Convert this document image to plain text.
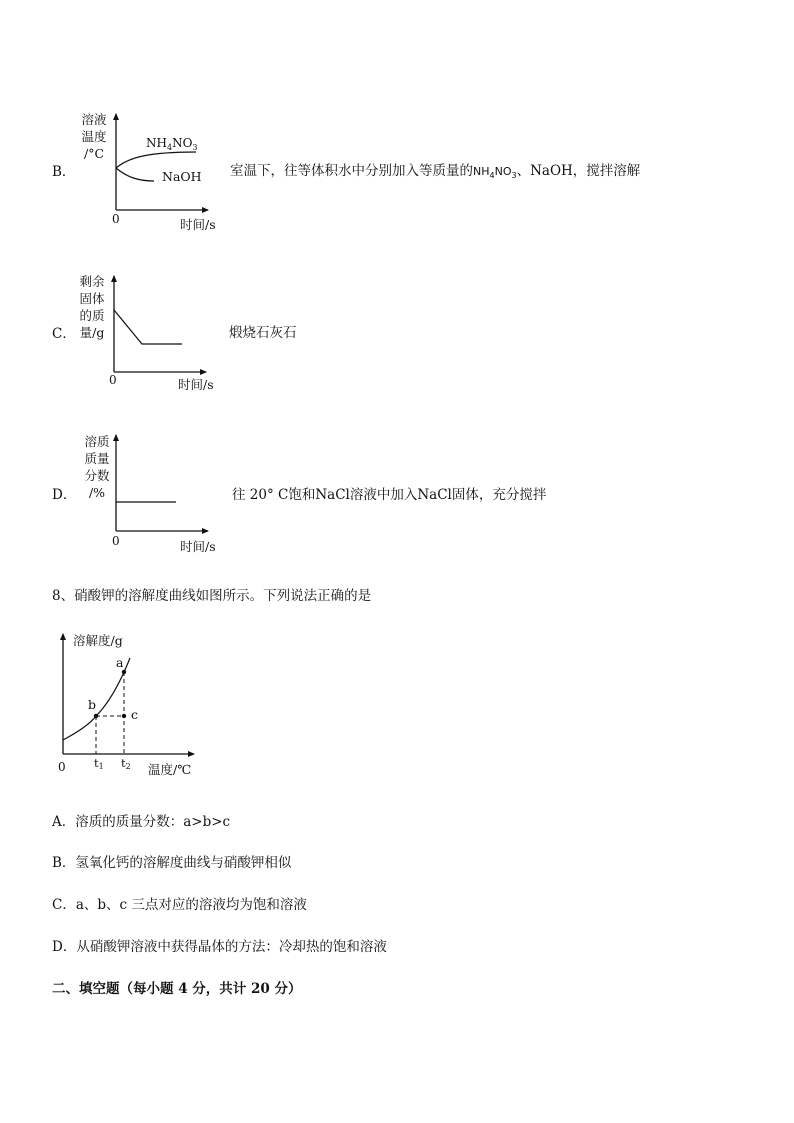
B．
溶液
温度
/°C
$NH_4NO_3$
NaOH
0	时间/s
室温下，往等体积水中分别加入等质量的$NH_4NO_3$、NaOH，搅拌溶解
C．
剩余
固体
的质
量/g
0	时间/s
煅烧石灰石
D．
溶质
质量
分数
/%
0	时间/s
往 20° C饱和NaCl溶液中加入NaCl固体，充分搅拌
8、硝酸钾的溶解度曲线如图所示。下列说法正确的是
a
b
c
0 t1 t2 温度/℃
溶解度/g
A．溶质的质量分数：a>b>c
B．氢氧化钙的溶解度曲线与硝酸钾相似
C．a、b、c 三点对应的溶液均为饱和溶液
D．从硝酸钾溶液中获得晶体的方法：冷却热的饱和溶液
二、填空题（每小题 4 分，共计 20 分）
